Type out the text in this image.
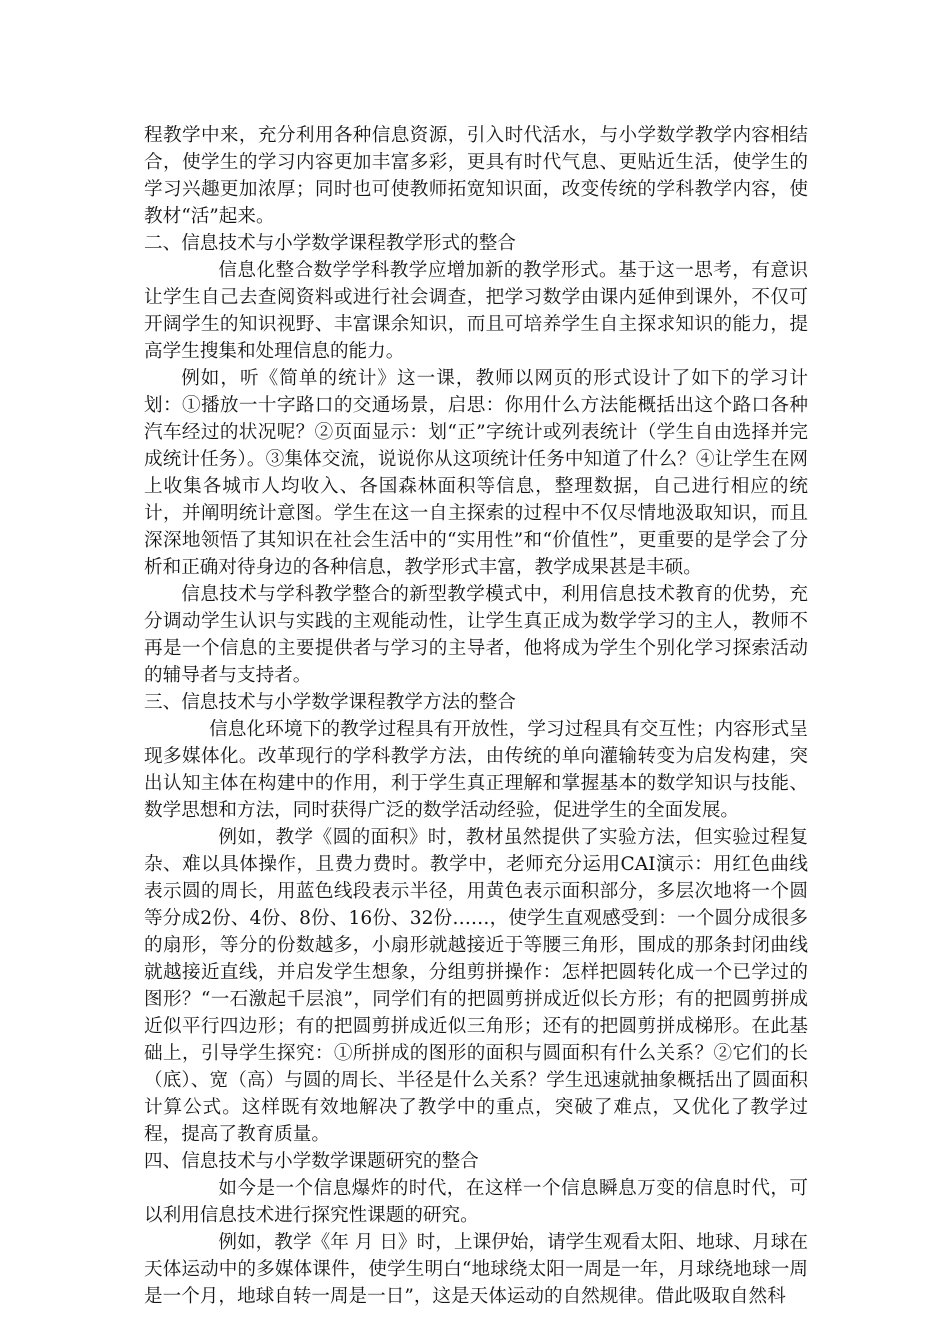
程教学中来，充分利用各种信息资源，引入时代活水，与小学数学教学内容相结合，使学生的学习内容更加丰富多彩，更具有时代气息、更贴近生活，使学生的学习兴趣更加浓厚；同时也可使教师拓宽知识面，改变传统的学科教学内容，使教材“活”起来。

二、信息技术与小学数学课程教学形式的整合

信息化整合数学学科教学应增加新的教学形式。基于这一思考，有意识让学生自己去查阅资料或进行社会调查，把学习数学由课内延伸到课外，不仅可开阔学生的知识视野、丰富课余知识，而且可培养学生自主探求知识的能力，提高学生搜集和处理信息的能力。

例如，听《简单的统计》这一课，教师以网页的形式设计了如下的学习计划：①播放一十字路口的交通场景，启思：你用什么方法能概括出这个路口各种汽车经过的状况呢？②页面显示：划“正”字统计或列表统计（学生自由选择并完成统计任务）。③集体交流，说说你从这项统计任务中知道了什么？④让学生在网上收集各城市人均收入、各国森林面积等信息，整理数据，自己进行相应的统计，并阐明统计意图。学生在这一自主探索的过程中不仅尽情地汲取知识，而且深深地领悟了其知识在社会生活中的“实用性”和“价值性”，更重要的是学会了分析和正确对待身边的各种信息，教学形式丰富，教学成果甚是丰硕。

信息技术与学科教学整合的新型教学模式中，利用信息技术教育的优势，充分调动学生认识与实践的主观能动性，让学生真正成为数学学习的主人，教师不再是一个信息的主要提供者与学习的主导者，他将成为学生个别化学习探索活动的辅导者与支持者。

三、信息技术与小学数学课程教学方法的整合

信息化环境下的教学过程具有开放性，学习过程具有交互性；内容形式呈现多媒体化。改革现行的学科教学方法，由传统的单向灌输转变为启发构建，突出认知主体在构建中的作用，利于学生真正理解和掌握基本的数学知识与技能、数学思想和方法，同时获得广泛的数学活动经验，促进学生的全面发展。

例如，教学《圆的面积》时，教材虽然提供了实验方法，但实验过程复杂、难以具体操作，且费力费时。教学中，老师充分运用CAI演示：用红色曲线表示圆的周长，用蓝色线段表示半径，用黄色表示面积部分，多层次地将一个圆等分成2份、4份、8份、16份、32份……，使学生直观感受到：一个圆分成很多的扇形，等分的份数越多，小扇形就越接近于等腰三角形，围成的那条封闭曲线就越接近直线，并启发学生想象，分组剪拼操作：怎样把圆转化成一个已学过的图形？“一石激起千层浪”，同学们有的把圆剪拼成近似长方形；有的把圆剪拼成近似平行四边形；有的把圆剪拼成近似三角形；还有的把圆剪拼成梯形。在此基础上，引导学生探究：①所拼成的图形的面积与圆面积有什么关系？②它们的长（底）、宽（高）与圆的周长、半径是什么关系？学生迅速就抽象概括出了圆面积计算公式。这样既有效地解决了教学中的重点，突破了难点，又优化了教学过程，提高了教育质量。

四、信息技术与小学数学课题研究的整合

如今是一个信息爆炸的时代，在这样一个信息瞬息万变的信息时代，可以利用信息技术进行探究性课题的研究。

例如，教学《年 月 日》时，上课伊始，请学生观看太阳、地球、月球在天体运动中的多媒体课件，使学生明白“地球绕太阳一周是一年，月球绕地球一周是一个月，地球自转一周是一日”，这是天体运动的自然规律。借此吸取自然科
